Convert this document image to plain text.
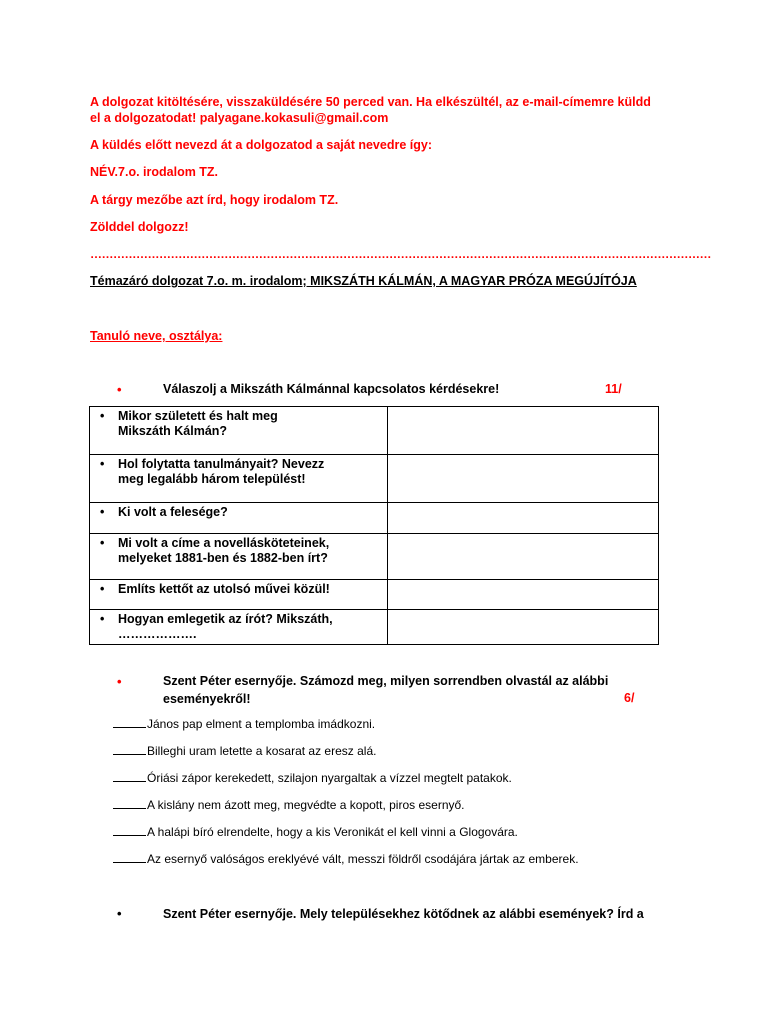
A dolgozat kitöltésére, visszaküldésére 50 perced van. Ha elkészültél, az e-mail-címemre küldd
el a dolgozatodat! palyagane.kokasuli@gmail.com
A küldés előtt nevezd át a dolgozatod a saját nevedre így:
NÉV.7.o. irodalom TZ.
A tárgy mezőbe azt írd, hogy irodalom TZ.
Zölddel dolgozz!
………………………………………………………………………………………………………………………………………………
Témazáró dolgozat 7.o. m. irodalom; MIKSZÁTH KÁLMÁN, A MAGYAR PRÓZA MEGÚJÍTÓJA
Tanuló neve, osztálya:
•	Válaszolj a Mikszáth Kálmánnal kapcsolatos kérdésekre!	11/
• Mikor született és halt meg
Mikszáth Kálmán?	

• Hol folytatta tanulmányait? Nevezz
meg legalább három települést!	

• Ki volt a felesége?	

• Mi volt a címe a novellásköteteinek,
melyeket 1881-ben és 1882-ben írt?	

• Említs kettőt az utolsó művei közül!	

• Hogyan emlegetik az írót? Mikszáth,
……………….	

•	Szent Péter esernyője. Számozd meg, milyen sorrendben olvastál az alábbi
eseményekről!	6/
János pap elment a templomba imádkozni.
Billeghi uram letette a kosarat az eresz alá.
Óriási zápor kerekedett, szilajon nyargaltak a vízzel megtelt patakok.
A kislány nem ázott meg, megvédte a kopott, piros esernyő.
A halápi bíró elrendelte, hogy a kis Veronikát el kell vinni a Glogovára.
Az esernyő valóságos ereklyévé vált, messzi földről csodájára jártak az emberek.
•	Szent Péter esernyője. Mely településekhez kötődnek az alábbi események? Írd a
